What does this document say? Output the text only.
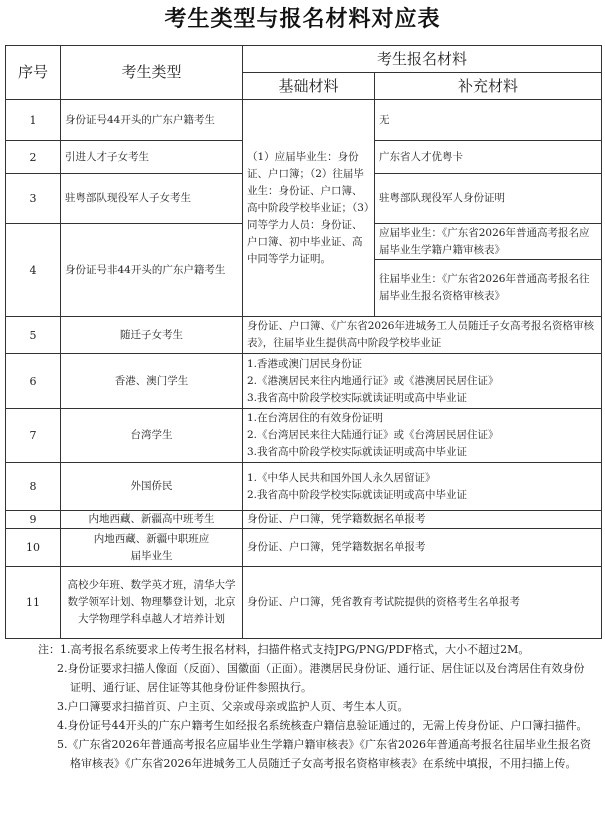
考生类型与报名材料对应表
序号	考生类型	考生报名材料	
		基础材料	补充材料
1	身份证号44开头的广东户籍考生	（1）应届毕业生：身份证、户口簿；（2）往届毕业生：身份证、户口簿、高中阶段学校毕业证；（3）同等学力人员：身份证、户口簿、初中毕业证、高中同等学力证明。	无
2	引进人才子女考生		广东省人才优粤卡
3	驻粤部队现役军人子女考生		驻粤部队现役军人身份证明
4	身份证号非44开头的广东户籍考生		应届毕业生：《广东省2026年普通高考报名应届毕业生学籍户籍审核表》
			往届毕业生：《广东省2026年普通高考报名往届毕业生报名资格审核表》
5	随迁子女考生	身份证、户口簿、《广东省2026年进城务工人员随迁子女高考报名资格审核表》，往届毕业生提供高中阶段学校毕业证	
6	香港、澳门学生	1.香港或澳门居民身份证
2.《港澳居民来往内地通行证》或《港澳居民居住证》
3.我省高中阶段学校实际就读证明或高中毕业证	

7	台湾学生	1.在台湾居住的有效身份证明
2.《台湾居民来往大陆通行证》或《台湾居民居住证》
3.我省高中阶段学校实际就读证明或高中毕业证	

8	外国侨民	1.《中华人民共和国外国人永久居留证》
2.我省高中阶段学校实际就读证明或高中毕业证	

9	内地西藏、新疆高中班考生	身份证、户口簿，凭学籍数据名单报考	
10	内地西藏、新疆中职班应届毕业生	身份证、户口簿，凭学籍数据名单报考	
11	高校少年班、数学英才班，清华大学数学领军计划、物理攀登计划，北京大学物理学科卓越人才培养计划	身份证、户口簿，凭省教育考试院提供的资格考生名单报考	
注：1.高考报名系统要求上传考生报名材料，扫描件格式支持JPG/PNG/PDF格式，大小不超过2M。
2.身份证要求扫描人像面（反面）、国徽面（正面）。港澳居民身份证、通行证、居住证以及台湾居住有效身份证明、通行证、居住证等其他身份证件参照执行。
3.户口簿要求扫描首页、户主页、父亲或母亲或监护人页、考生本人页。
4.身份证号44开头的广东户籍考生如经报名系统核查户籍信息验证通过的，无需上传身份证、户口簿扫描件。
5.《广东省2026年普通高考报名应届毕业生学籍户籍审核表》《广东省2026年普通高考报名往届毕业生报名资格审核表》《广东省2026年进城务工人员随迁子女高考报名资格审核表》在系统中填报，不用扫描上传。
